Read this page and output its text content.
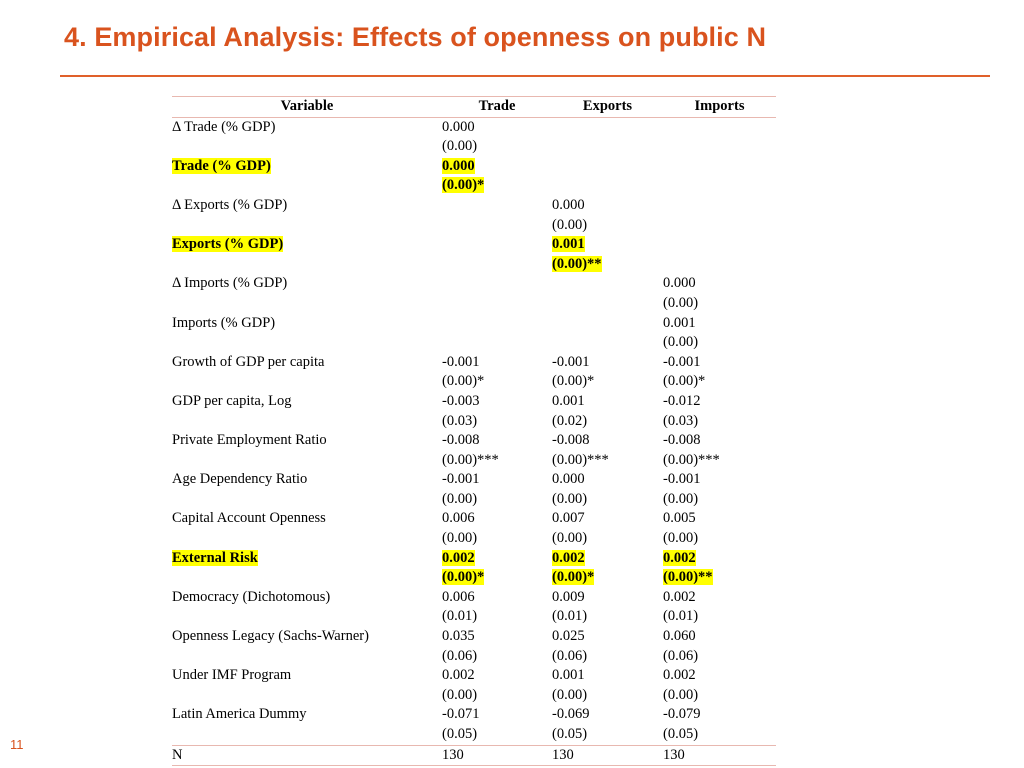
4. Empirical Analysis: Effects of openness on public N
Variable	Trade	Exports	Imports
Δ Trade (% GDP)	0.000		
	(0.00)		
Trade (% GDP)	0.000		
	(0.00)*		
Δ Exports (% GDP)		0.000	
		(0.00)	
Exports (% GDP)		0.001	
		(0.00)**	
Δ Imports (% GDP)			0.000
			(0.00)
Imports (% GDP)			0.001
			(0.00)
Growth of GDP per capita	-0.001	-0.001	-0.001
	(0.00)*	(0.00)*	(0.00)*
GDP per capita, Log	-0.003	0.001	-0.012
	(0.03)	(0.02)	(0.03)
Private Employment Ratio	-0.008	-0.008	-0.008
	(0.00)***	(0.00)***	(0.00)***
Age Dependency Ratio	-0.001	0.000	-0.001
	(0.00)	(0.00)	(0.00)
Capital Account Openness	0.006	0.007	0.005
	(0.00)	(0.00)	(0.00)
External Risk	0.002	0.002	0.002
	(0.00)*	(0.00)*	(0.00)**
Democracy (Dichotomous)	0.006	0.009	0.002
	(0.01)	(0.01)	(0.01)
Openness Legacy (Sachs-Warner)	0.035	0.025	0.060
	(0.06)	(0.06)	(0.06)
Under IMF Program	0.002	0.001	0.002
	(0.00)	(0.00)	(0.00)
Latin America Dummy	-0.071	-0.069	-0.079
	(0.05)	(0.05)	(0.05)
N	130	130	130
11
